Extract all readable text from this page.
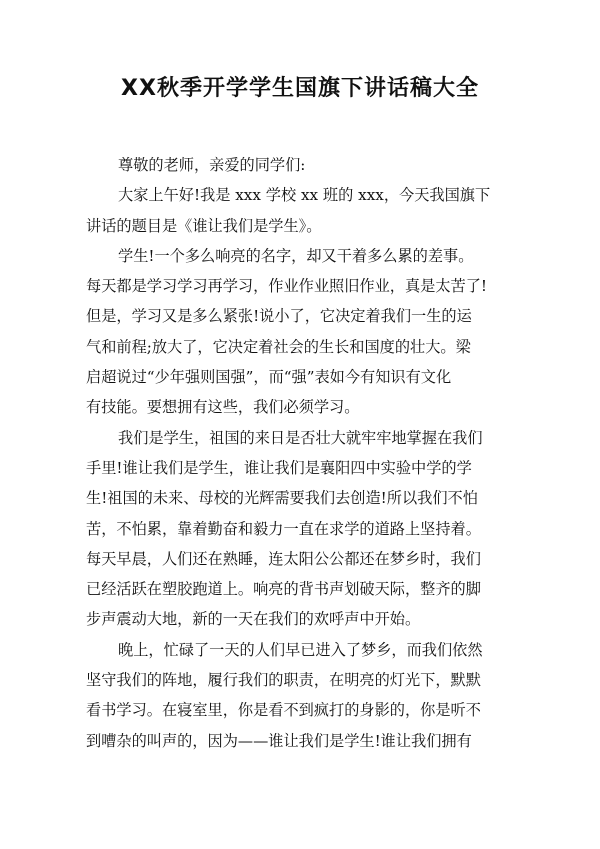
XX秋季开学学生国旗下讲话稿大全
尊敬的老师，亲爱的同学们:
大家上午好!我是 xxx 学校 xx 班的 xxx，今天我国旗下
讲话的题目是《谁让我们是学生》。
学生!一个多么响亮的名字，却又干着多么累的差事。
每天都是学习学习再学习，作业作业照旧作业，真是太苦了!
但是，学习又是多么紧张!说小了，它决定着我们一生的运
气和前程;放大了，它决定着社会的生长和国度的壮大。梁
启超说过“少年强则国强”，而“强”表如今有知识有文化
有技能。要想拥有这些，我们必须学习。
我们是学生，祖国的来日是否壮大就牢牢地掌握在我们
手里!谁让我们是学生，谁让我们是襄阳四中实验中学的学
生!祖国的未来、母校的光辉需要我们去创造!所以我们不怕
苦，不怕累，靠着勤奋和毅力一直在求学的道路上坚持着。
每天早晨，人们还在熟睡，连太阳公公都还在梦乡时，我们
已经活跃在塑胶跑道上。响亮的背书声划破天际，整齐的脚
步声震动大地，新的一天在我们的欢呼声中开始。
晚上，忙碌了一天的人们早已进入了梦乡，而我们依然
坚守我们的阵地，履行我们的职责，在明亮的灯光下，默默
看书学习。在寝室里，你是看不到疯打的身影的，你是听不
到嘈杂的叫声的，因为——谁让我们是学生!谁让我们拥有
